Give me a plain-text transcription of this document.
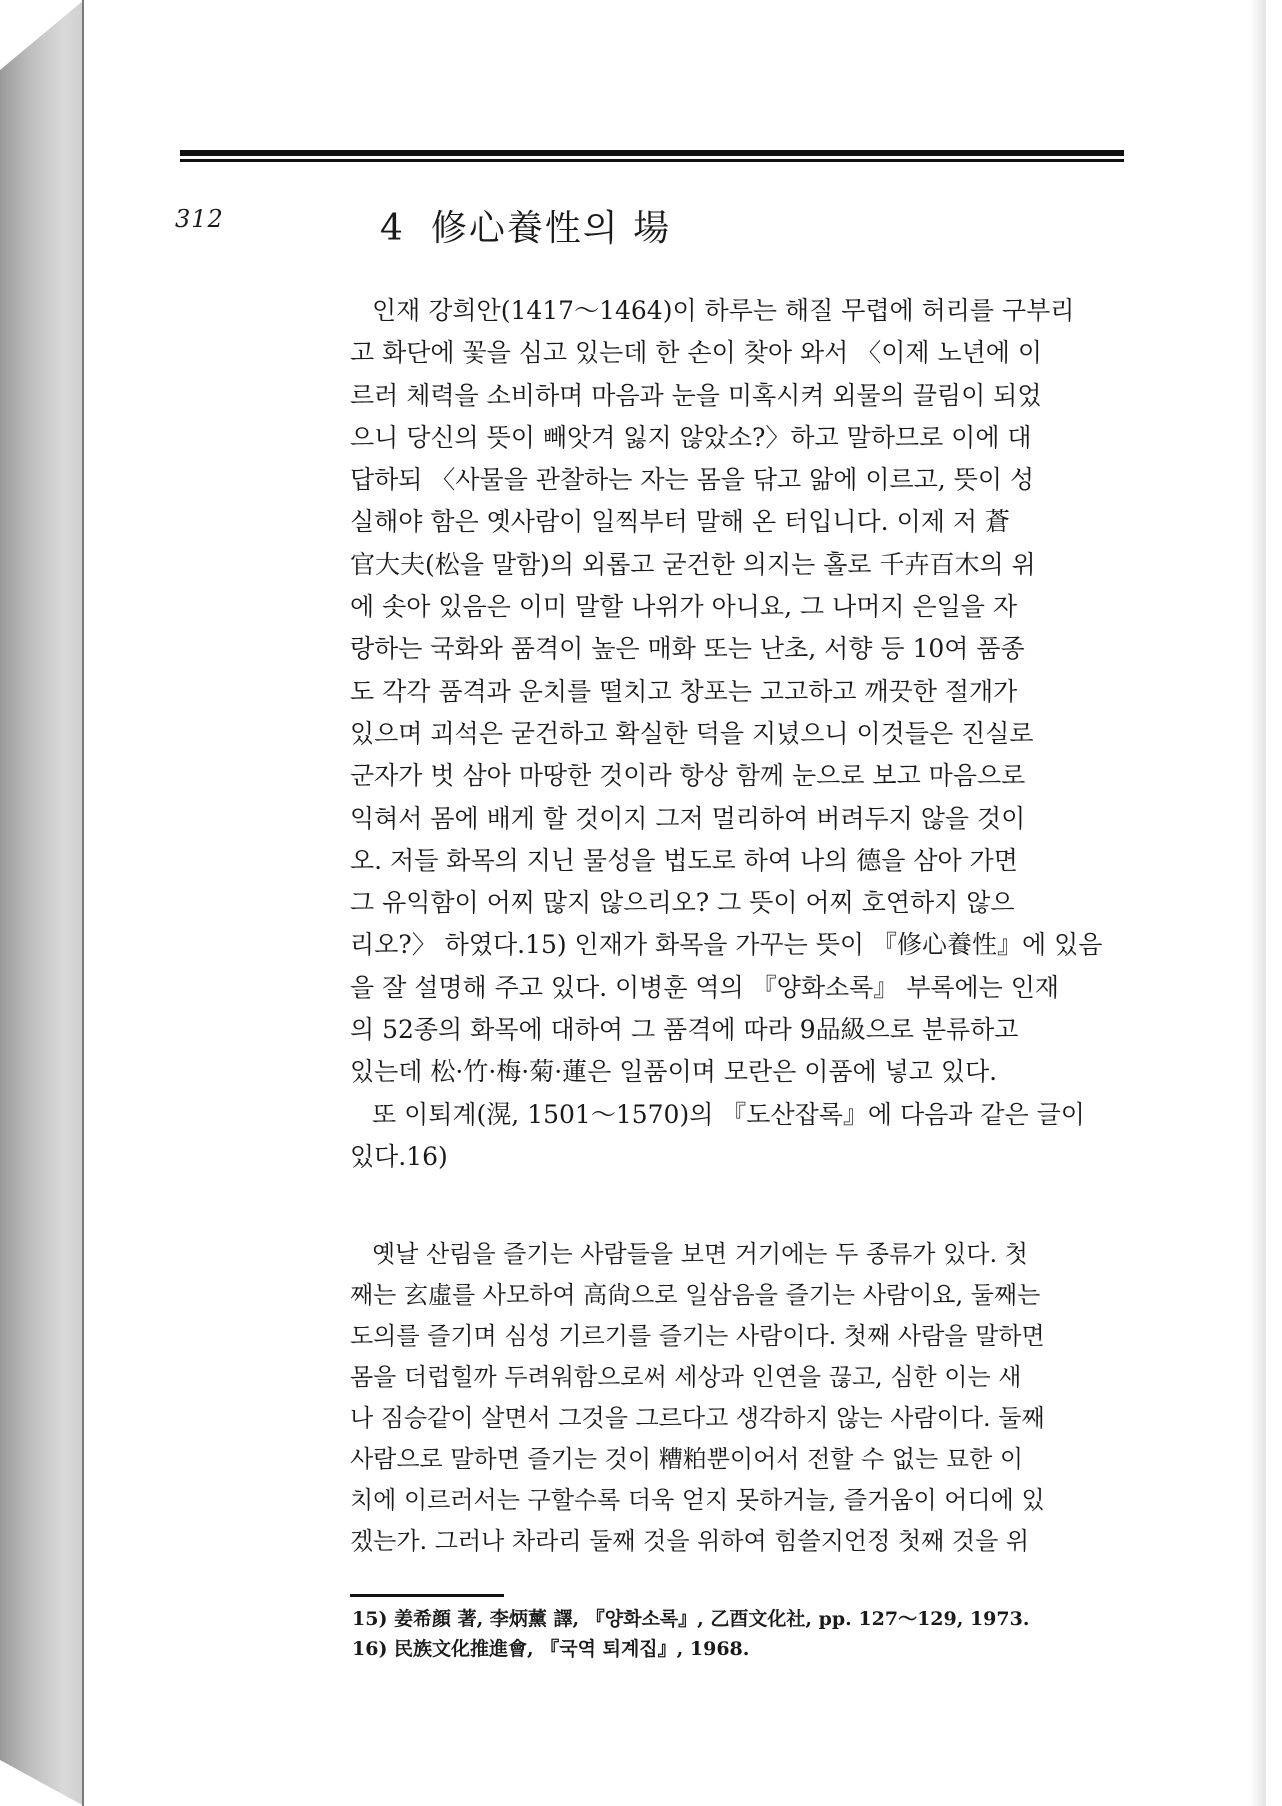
312	4 修心養性의 場
인재 강희안(1417～1464)이 하루는 해질 무렵에 허리를 구부리
고 화단에 꽃을 심고 있는데 한 손이 찾아 와서 〈이제 노년에 이
르러 체력을 소비하며 마음과 눈을 미혹시켜 외물의 끌림이 되었
으니 당신의 뜻이 빼앗겨 잃지 않았소?〉하고 말하므로 이에 대
답하되 〈사물을 관찰하는 자는 몸을 닦고 앎에 이르고, 뜻이 성
실해야 함은 옛사람이 일찍부터 말해 온 터입니다. 이제 저 蒼
官大夫(松을 말함)의 외롭고 굳건한 의지는 홀로 千卉百木의 위
에 솟아 있음은 이미 말할 나위가 아니요, 그 나머지 은일을 자
랑하는 국화와 품격이 높은 매화 또는 난초, 서향 등 10여 품종
도 각각 품격과 운치를 떨치고 창포는 고고하고 깨끗한 절개가
있으며 괴석은 굳건하고 확실한 덕을 지녔으니 이것들은 진실로
군자가 벗 삼아 마땅한 것이라 항상 함께 눈으로 보고 마음으로
익혀서 몸에 배게 할 것이지 그저 멀리하여 버려두지 않을 것이
오. 저들 화목의 지닌 물성을 법도로 하여 나의 德을 삼아 가면
그 유익함이 어찌 많지 않으리오? 그 뜻이 어찌 호연하지 않으
리오?〉 하였다.15) 인재가 화목을 가꾸는 뜻이 『修心養性』에 있음
을 잘 설명해 주고 있다. 이병훈 역의 『양화소록』 부록에는 인재
의 52종의 화목에 대하여 그 품격에 따라 9品級으로 분류하고
있는데 松·竹·梅·菊·蓮은 일품이며 모란은 이품에 넣고 있다.
또 이퇴계(滉, 1501～1570)의 『도산잡록』에 다음과 같은 글이
있다.16)
옛날 산림을 즐기는 사람들을 보면 거기에는 두 종류가 있다. 첫
째는 玄虛를 사모하여 高尙으로 일삼음을 즐기는 사람이요, 둘째는
도의를 즐기며 심성 기르기를 즐기는 사람이다. 첫째 사람을 말하면
몸을 더럽힐까 두려워함으로써 세상과 인연을 끊고, 심한 이는 새
나 짐승같이 살면서 그것을 그르다고 생각하지 않는 사람이다. 둘째
사람으로 말하면 즐기는 것이 糟粕뿐이어서 전할 수 없는 묘한 이
치에 이르러서는 구할수록 더욱 얻지 못하거늘, 즐거움이 어디에 있
겠는가. 그러나 차라리 둘째 것을 위하여 힘쓸지언정 첫째 것을 위
15) 姜希顔 著, 李炳薰 譯, 『양화소록』, 乙酉文化社, pp. 127～129, 1973.
16) 民族文化推進會, 『국역 퇴계집』, 1968.
